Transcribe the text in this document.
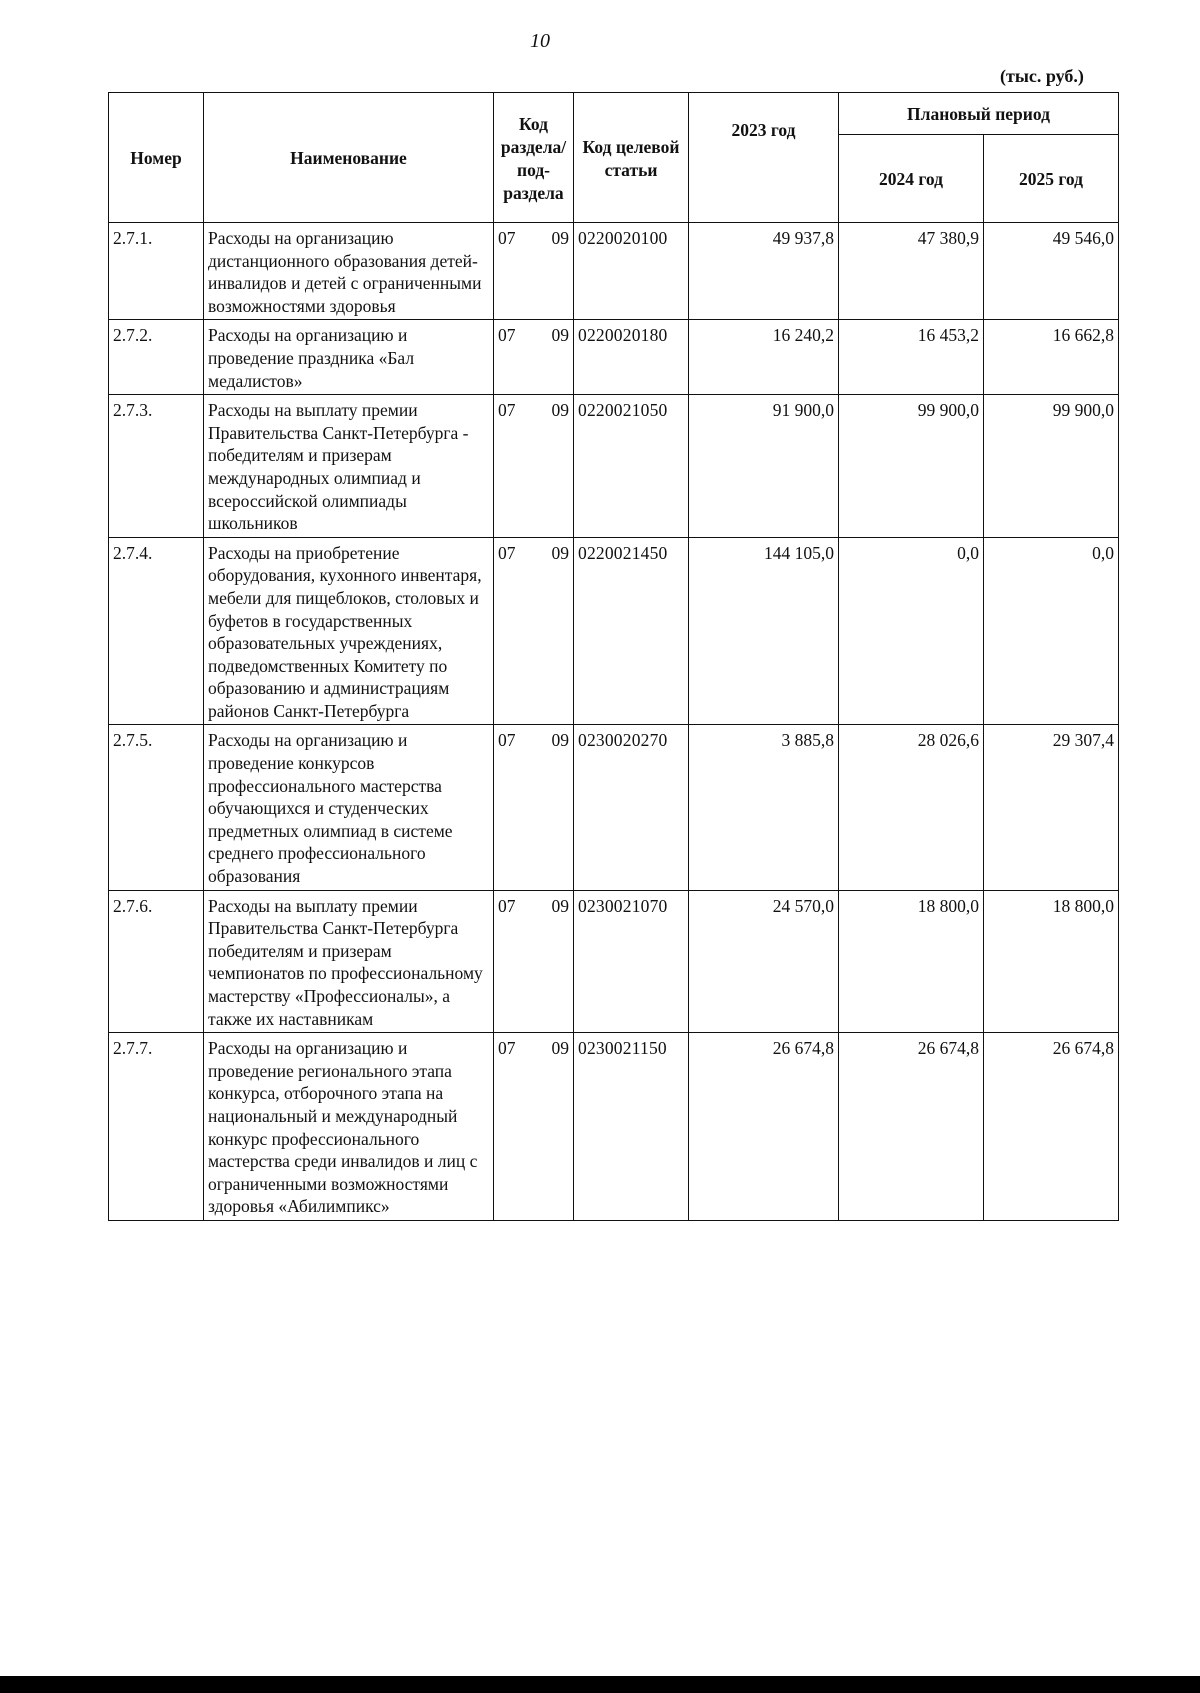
10
(тыс. руб.)
Номер	Наименование	Код раздела/ под-раздела	Код целевой статьи	2023 год	Плановый период	
					2024 год	2025 год
2.7.1.	Расходы на организацию дистанционного образования детей-инвалидов и детей с ограниченными возможностями здоровья	07 09	0220020100	49 937,8	47 380,9	49 546,0
2.7.2.	Расходы на организацию и проведение праздника «Бал медалистов»	07 09	0220020180	16 240,2	16 453,2	16 662,8
2.7.3.	Расходы на выплату премии Правительства Санкт-Петербурга - победителям и призерам международных олимпиад и всероссийской олимпиады школьников	07 09	0220021050	91 900,0	99 900,0	99 900,0
2.7.4.	Расходы на приобретение оборудования, кухонного инвентаря, мебели для пищеблоков, столовых и буфетов в государственных образовательных учреждениях, подведомственных Комитету по образованию и администрациям районов Санкт-Петербурга	07 09	0220021450	144 105,0	0,0	0,0
2.7.5.	Расходы на организацию и проведение конкурсов профессионального мастерства обучающихся и студенческих предметных олимпиад в системе среднего профессионального образования	07 09	0230020270	3 885,8	28 026,6	29 307,4
2.7.6.	Расходы на выплату премии Правительства Санкт-Петербурга победителям и призерам чемпионатов по профессиональному мастерству «Профессионалы», а также их наставникам	07 09	0230021070	24 570,0	18 800,0	18 800,0
2.7.7.	Расходы на организацию и проведение регионального этапа конкурса, отборочного этапа на национальный и международный конкурс профессионального мастерства среди инвалидов и лиц с ограниченными возможностями здоровья «Абилимпикс»	07 09	0230021150	26 674,8	26 674,8	26 674,8
